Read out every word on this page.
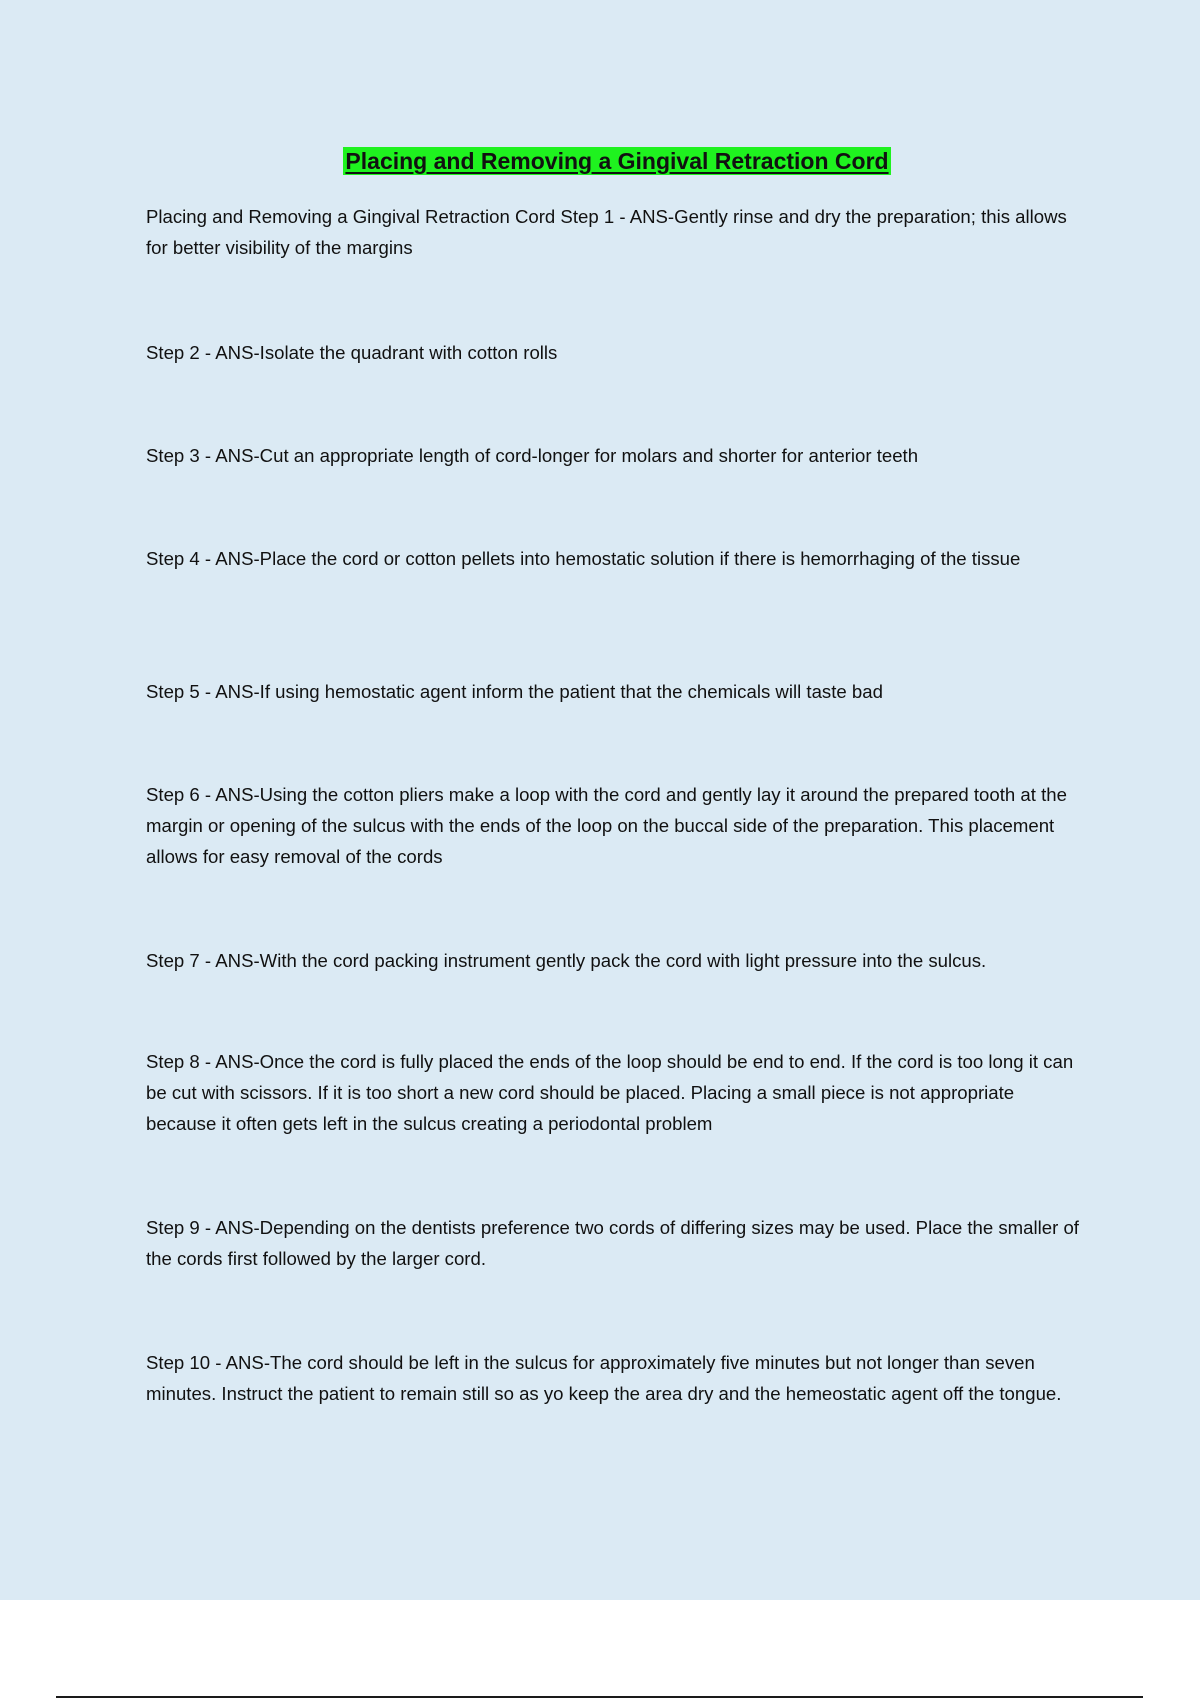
Placing and Removing a Gingival Retraction Cord

Placing and Removing a Gingival Retraction Cord Step 1 - ANS-Gently rinse and dry the preparation; this allows for better visibility of the margins

Step 2 - ANS-Isolate the quadrant with cotton rolls

Step 3 - ANS-Cut an appropriate length of cord-longer for molars and shorter for anterior teeth

Step 4 - ANS-Place the cord or cotton pellets into hemostatic solution if there is hemorrhaging of the tissue

Step 5 - ANS-If using hemostatic agent inform the patient that the chemicals will taste bad

Step 6 - ANS-Using the cotton pliers make a loop with the cord and gently lay it around the prepared tooth at the margin or opening of the sulcus with the ends of the loop on the buccal side of the preparation. This placement allows for easy removal of the cords

Step 7 - ANS-With the cord packing instrument gently pack the cord with light pressure into the sulcus.

Step 8 - ANS-Once the cord is fully placed the ends of the loop should be end to end. If the cord is too long it can be cut with scissors. If it is too short a new cord should be placed. Placing a small piece is not appropriate because it often gets left in the sulcus creating a periodontal problem

Step 9 - ANS-Depending on the dentists preference two cords of differing sizes may be used. Place the smaller of the cords first followed by the larger cord.

Step 10 - ANS-The cord should be left in the sulcus for approximately five minutes but not longer than seven minutes. Instruct the patient to remain still so as yo keep the area dry and the hemeostatic agent off the tongue.
